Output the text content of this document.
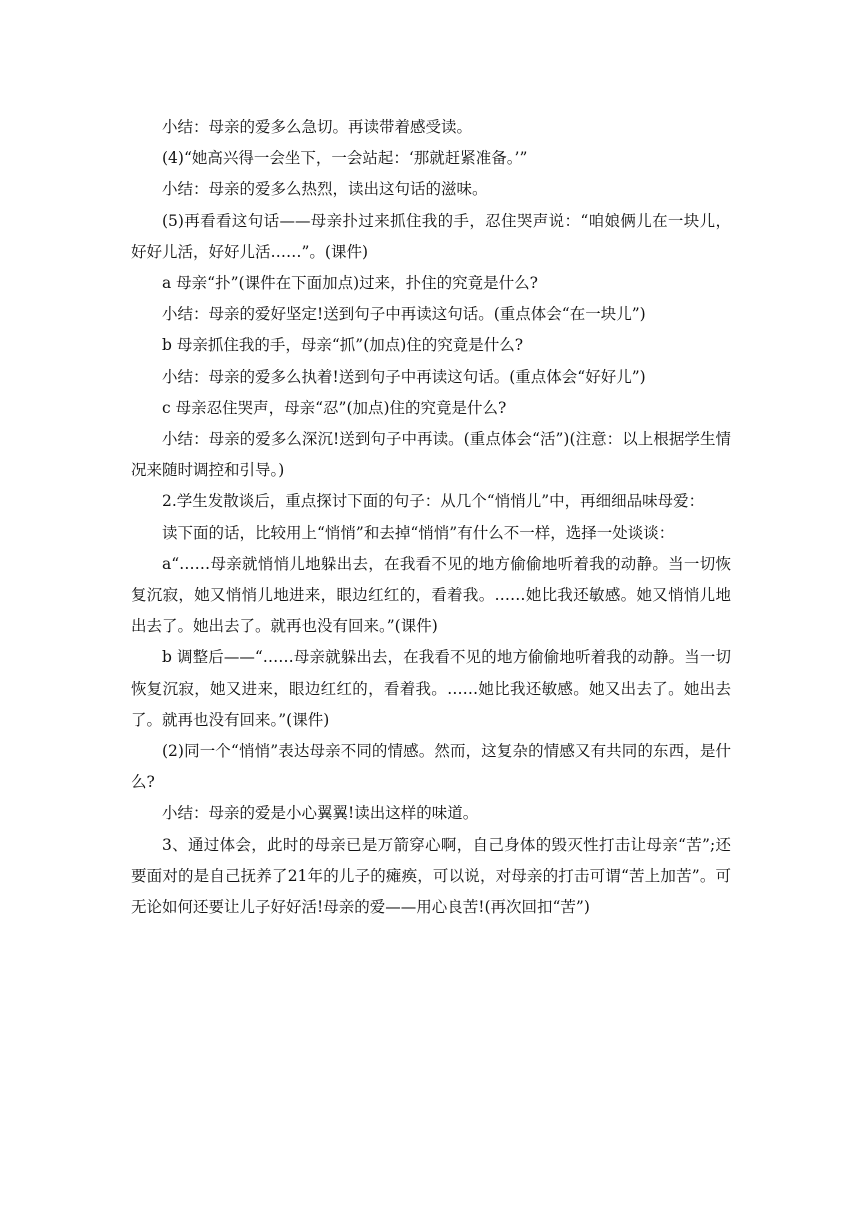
小结：母亲的爱多么急切。再读带着感受读。

(4)“她高兴得一会坐下，一会站起：‘那就赶紧准备。’”

小结：母亲的爱多么热烈，读出这句话的滋味。

(5)再看看这句话——母亲扑过来抓住我的手，忍住哭声说：“咱娘俩儿在一块儿，好好儿活，好好儿活……”。(课件)

a 母亲“扑”(课件在下面加点)过来，扑住的究竟是什么?

小结：母亲的爱好坚定!送到句子中再读这句话。(重点体会“在一块儿”)

b 母亲抓住我的手，母亲“抓”(加点)住的究竟是什么?

小结：母亲的爱多么执着!送到句子中再读这句话。(重点体会“好好儿”)

c 母亲忍住哭声，母亲“忍”(加点)住的究竟是什么?

小结：母亲的爱多么深沉!送到句子中再读。(重点体会“活”)(注意：以上根据学生情况来随时调控和引导。)

2.学生发散谈后，重点探讨下面的句子：从几个“悄悄儿”中，再细细品味母爱：

读下面的话，比较用上“悄悄”和去掉“悄悄”有什么不一样，选择一处谈谈：

a“……母亲就悄悄儿地躲出去，在我看不见的地方偷偷地听着我的动静。当一切恢复沉寂，她又悄悄儿地进来，眼边红红的，看着我。……她比我还敏感。她又悄悄儿地出去了。她出去了。就再也没有回来。”(课件)

b 调整后——“……母亲就躲出去，在我看不见的地方偷偷地听着我的动静。当一切恢复沉寂，她又进来，眼边红红的，看着我。……她比我还敏感。她又出去了。她出去了。就再也没有回来。”(课件)

(2)同一个“悄悄”表达母亲不同的情感。然而，这复杂的情感又有共同的东西，是什么?

小结：母亲的爱是小心翼翼!读出这样的味道。

3、通过体会，此时的母亲已是万箭穿心啊，自己身体的毁灭性打击让母亲“苦”;还要面对的是自己抚养了21年的儿子的瘫痪，可以说，对母亲的打击可谓“苦上加苦”。可无论如何还要让儿子好好活!母亲的爱——用心良苦!(再次回扣“苦”)
